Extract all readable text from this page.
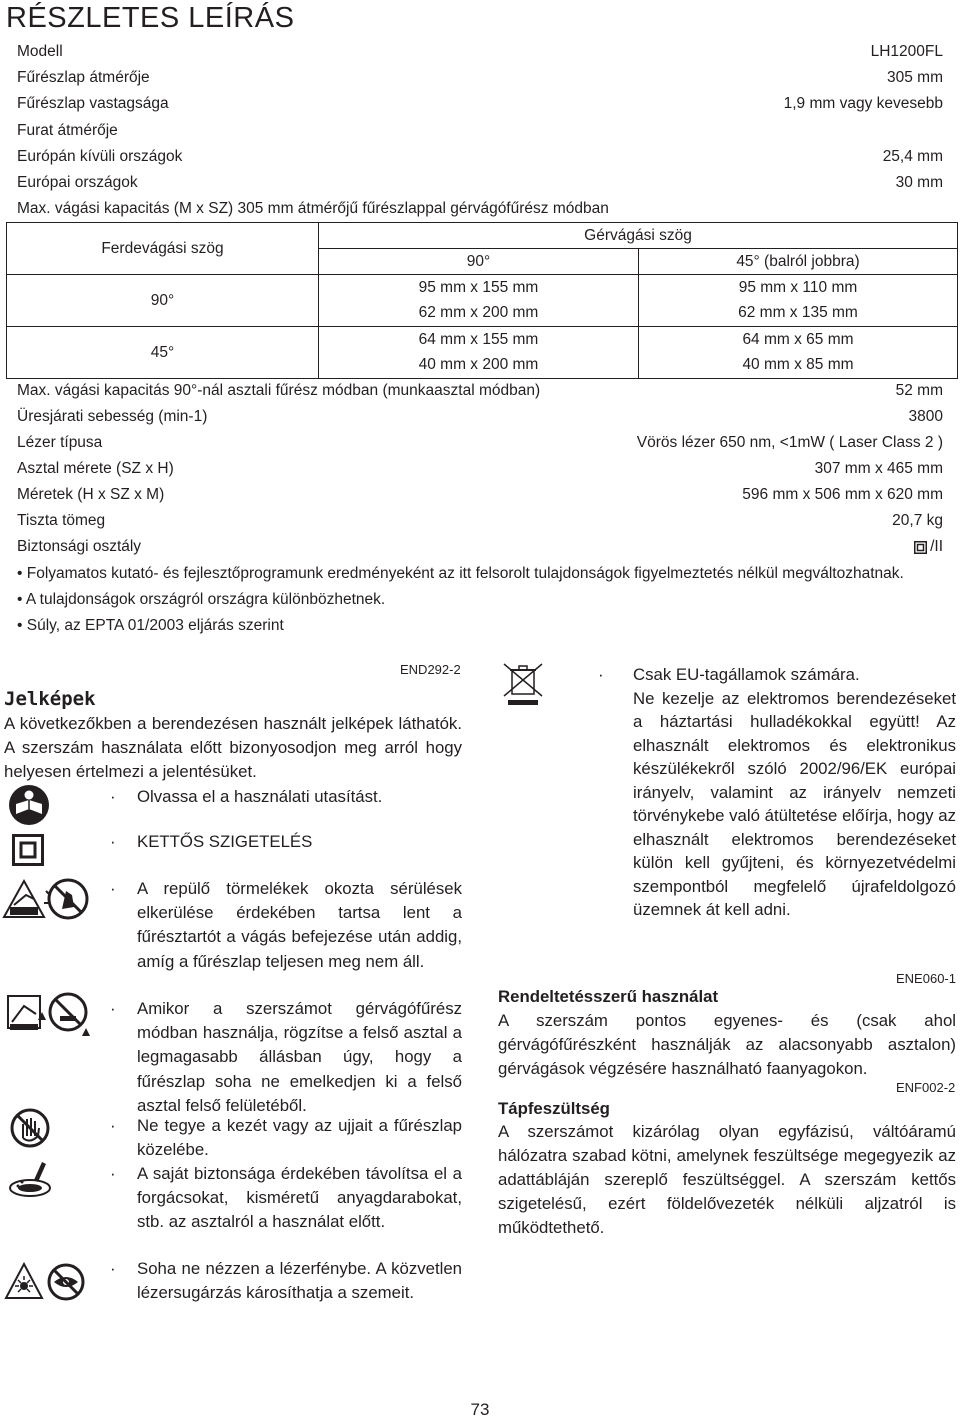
RÉSZLETES LEÍRÁS
Modell	LH1200FL
Fűrészlap átmérője	305 mm
Fűrészlap vastagsága	1,9 mm vagy kevesebb
Furat átmérője
Európán kívüli országok	25,4 mm
Európai országok	30 mm
Max. vágási kapacitás (M x SZ) 305 mm átmérőjű fűrészlappal gérvágófűrész módban
Ferdevágási szög	Gérvágási szög	
	90°	45° (balról jobbra)
90°	95 mm x 155 mm	95 mm x 110 mm
	62 mm x 200 mm	62 mm x 135 mm
45°	64 mm x 155 mm	64 mm x 65 mm
	40 mm x 200 mm	40 mm x 85 mm
Max. vágási kapacitás 90°-nál asztali fűrész módban (munkaasztal módban)	52 mm
Üresjárati sebesség (min-1)	3800
Lézer típusa	Vörös lézer 650 nm, <1mW ( Laser Class 2 )
Asztal mérete (SZ x H)	307 mm x 465 mm
Méretek (H x SZ x M)	596 mm x 506 mm x 620 mm
Tiszta tömeg	20,7 kg
Biztonsági osztály	/II
• Folyamatos kutató- és fejlesztőprogramunk eredményeként az itt felsorolt tulajdonságok figyelmeztetés nélkül megváltozhatnak.
• A tulajdonságok országról országra különbözhetnek.
• Súly, az EPTA 01/2003 eljárás szerint
END292-2
Jelképek
A következőkben a berendezésen használt jelképek láthatók. A szerszám használata előtt bizonyosodjon meg arról hogy helyesen értelmezi a jelentésüket.
· Olvassa el a használati utasítást.
· KETTŐS SZIGETELÉS
· A repülő törmelékek okozta sérülések elkerülése érdekében tartsa lent a fűrésztartót a vágás befejezése után addig, amíg a fűrészlap teljesen meg nem áll.
· Amikor a szerszámot gérvágófűrész módban használja, rögzítse a felső asztal a legmagasabb állásban úgy, hogy a fűrészlap soha ne emelkedjen ki a felső asztal felső felületéből.
· Ne tegye a kezét vagy az ujjait a fűrészlap közelébe.
· A saját biztonsága érdekében távolítsa el a forgácsokat, kisméretű anyagdarabokat, stb. az asztalról a használat előtt.
· Soha ne nézzen a lézerfénybe. A közvetlen lézersugárzás károsíthatja a szemeit.
· Csak EU-tagállamok számára.
Ne kezelje az elektromos berendezéseket a háztartási hulladékokkal együtt! Az elhasznált elektromos és elektronikus készülékekről szóló 2002/96/EK európai irányelv, valamint az irányelv nemzeti törvénykebe való átültetése előírja, hogy az elhasznált elektromos berendezéseket külön kell gyűjteni, és környezetvédelmi szempontból megfelelő újrafeldolgozó üzemnek át kell adni.
ENE060-1
Rendeltetésszerű használat
A szerszám pontos egyenes- és (csak ahol gérvágófűrészként használják az alacsonyabb asztalon) gérvágások végzésére használható faanyagokon.
ENF002-2
Tápfeszültség
A szerszámot kizárólag olyan egyfázisú, váltóáramú hálózatra szabad kötni, amelynek feszültsége megegyezik az adattábláján szereplő feszültséggel. A szerszám kettős szigetelésű, ezért földelővezeték nélküli aljzatról is működtethető.
73
